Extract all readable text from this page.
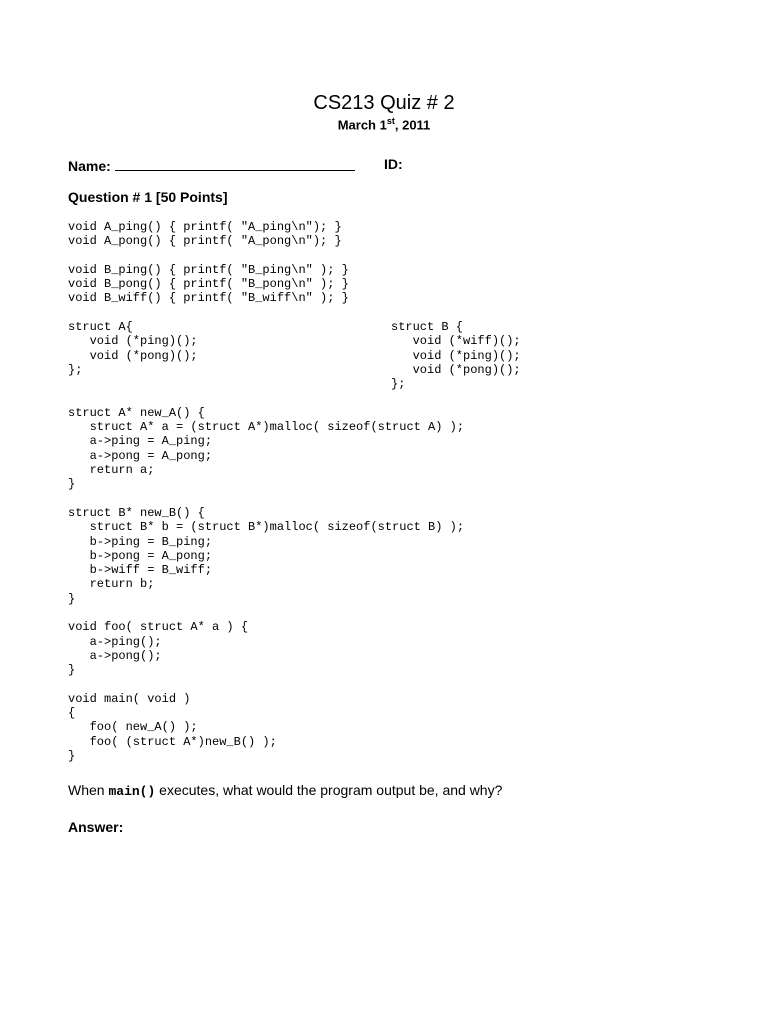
CS213 Quiz # 2
March 1st, 2011
Name:	ID:
Question # 1 [50 Points]
void A_ping() { printf( "A_ping\n"); }
void A_pong() { printf( "A_pong\n"); }

void B_ping() { printf( "B_ping\n" ); }
void B_pong() { printf( "B_pong\n" ); }
void B_wiff() { printf( "B_wiff\n" ); }

struct A{
void (*ping)();
void (*pong)();
};

struct A* new_A() {
struct A* a = (struct A*)malloc( sizeof(struct A) );
a->ping = A_ping;
a->pong = A_pong;
return a;
}

struct B* new_B() {
struct B* b = (struct B*)malloc( sizeof(struct B) );
b->ping = B_ping;
b->pong = A_pong;
b->wiff = B_wiff;
return b;
}

void foo( struct A* a ) {
a->ping();
a->pong();
}

void main( void )
{
foo( new_A() );
foo( (struct A*)new_B() );
}
struct B {
void (*wiff)();
void (*ping)();
void (*pong)();
};
When main() executes, what would the program output be, and why?
Answer:
